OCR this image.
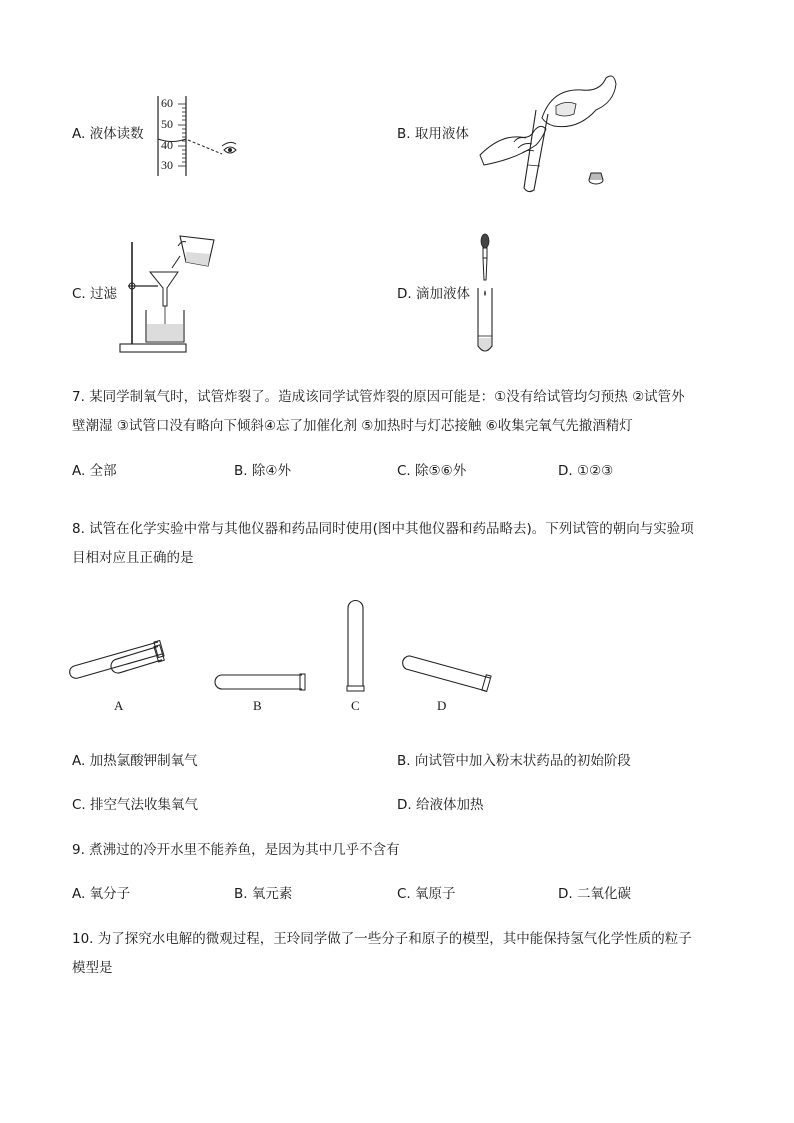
A. 液体读数
60
50
40
30
B. 取用液体
C. 过滤	D. 滴加液体
7. 某同学制氧气时，试管炸裂了。造成该同学试管炸裂的原因可能是：①没有给试管均匀预热 ②试管外
壁潮湿 ③试管口没有略向下倾斜④忘了加催化剂 ⑤加热时与灯芯接触 ⑥收集完氧气先撤酒精灯
A. 全部	B. 除④外	C. 除⑤⑥外	D. ①②③
8. 试管在化学实验中常与其他仪器和药品同时使用(图中其他仪器和药品略去)。下列试管的朝向与实验项
目相对应且正确的是
A	B	C	D
A. 加热氯酸钾制氧气	B. 向试管中加入粉末状药品的初始阶段
C. 排空气法收集氧气	D. 给液体加热
9. 煮沸过的冷开水里不能养鱼，是因为其中几乎不含有
A. 氧分子	B. 氧元素	C. 氧原子	D. 二氧化碳
10. 为了探究水电解的微观过程，王玲同学做了一些分子和原子的模型，其中能保持氢气化学性质的粒子
模型是
